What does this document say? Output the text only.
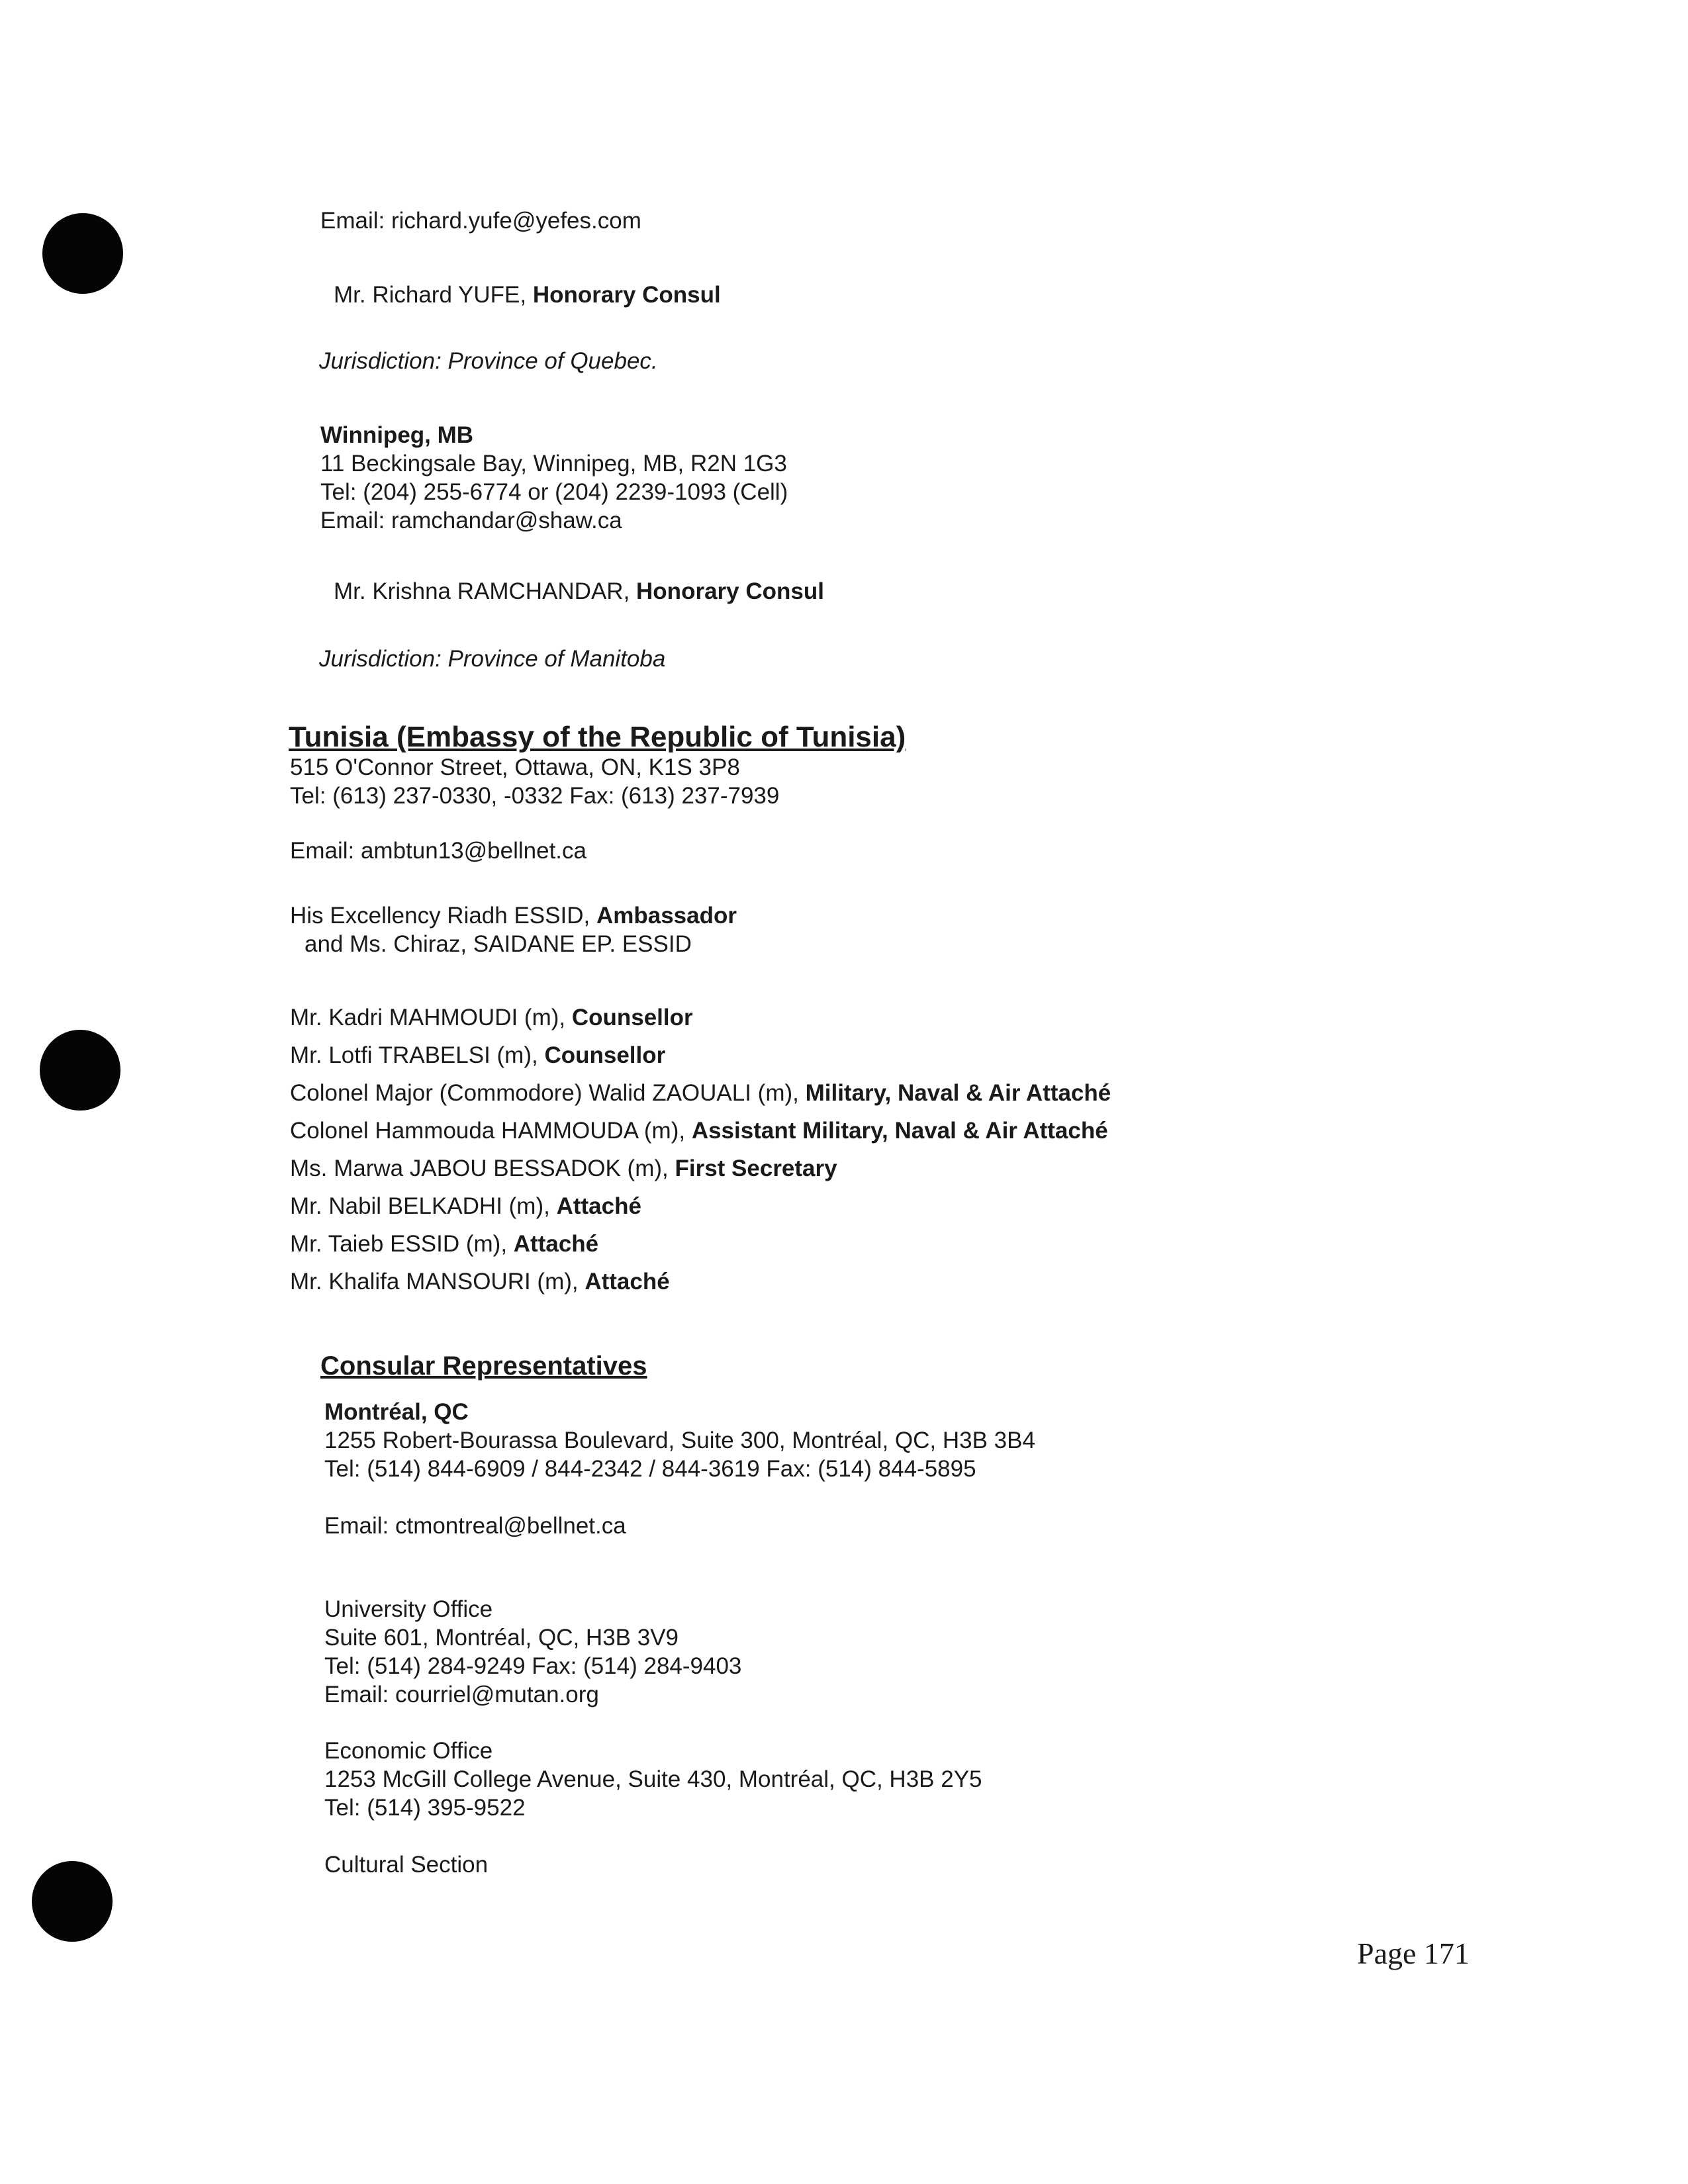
Email: richard.yufe@yefes.com
Mr. Richard YUFE, Honorary Consul
Jurisdiction: Province of Quebec.
Winnipeg, MB
11 Beckingsale Bay, Winnipeg, MB, R2N 1G3
Tel: (204) 255-6774 or (204) 2239-1093 (Cell)
Email: ramchandar@shaw.ca
Mr. Krishna RAMCHANDAR, Honorary Consul
Jurisdiction: Province of Manitoba
Tunisia (Embassy of the Republic of Tunisia)
515 O'Connor Street, Ottawa, ON, K1S 3P8
Tel: (613) 237-0330, -0332 Fax: (613) 237-7939
Email: ambtun13@bellnet.ca
His Excellency Riadh ESSID, Ambassador
and Ms. Chiraz, SAIDANE EP. ESSID
Mr. Kadri MAHMOUDI (m), Counsellor
Mr. Lotfi TRABELSI (m), Counsellor
Colonel Major (Commodore) Walid ZAOUALI (m), Military, Naval & Air Attaché
Colonel Hammouda HAMMOUDA (m), Assistant Military, Naval & Air Attaché
Ms. Marwa JABOU BESSADOK (m), First Secretary
Mr. Nabil BELKADHI (m), Attaché
Mr. Taieb ESSID (m), Attaché
Mr. Khalifa MANSOURI (m), Attaché
Consular Representatives
Montréal, QC
1255 Robert-Bourassa Boulevard, Suite 300, Montréal, QC, H3B 3B4
Tel: (514) 844-6909 / 844-2342 / 844-3619 Fax: (514) 844-5895
Email: ctmontreal@bellnet.ca
University Office
Suite 601, Montréal, QC, H3B 3V9
Tel: (514) 284-9249 Fax: (514) 284-9403
Email: courriel@mutan.org
Economic Office
1253 McGill College Avenue, Suite 430, Montréal, QC, H3B 2Y5
Tel: (514) 395-9522
Cultural Section
Page 171
